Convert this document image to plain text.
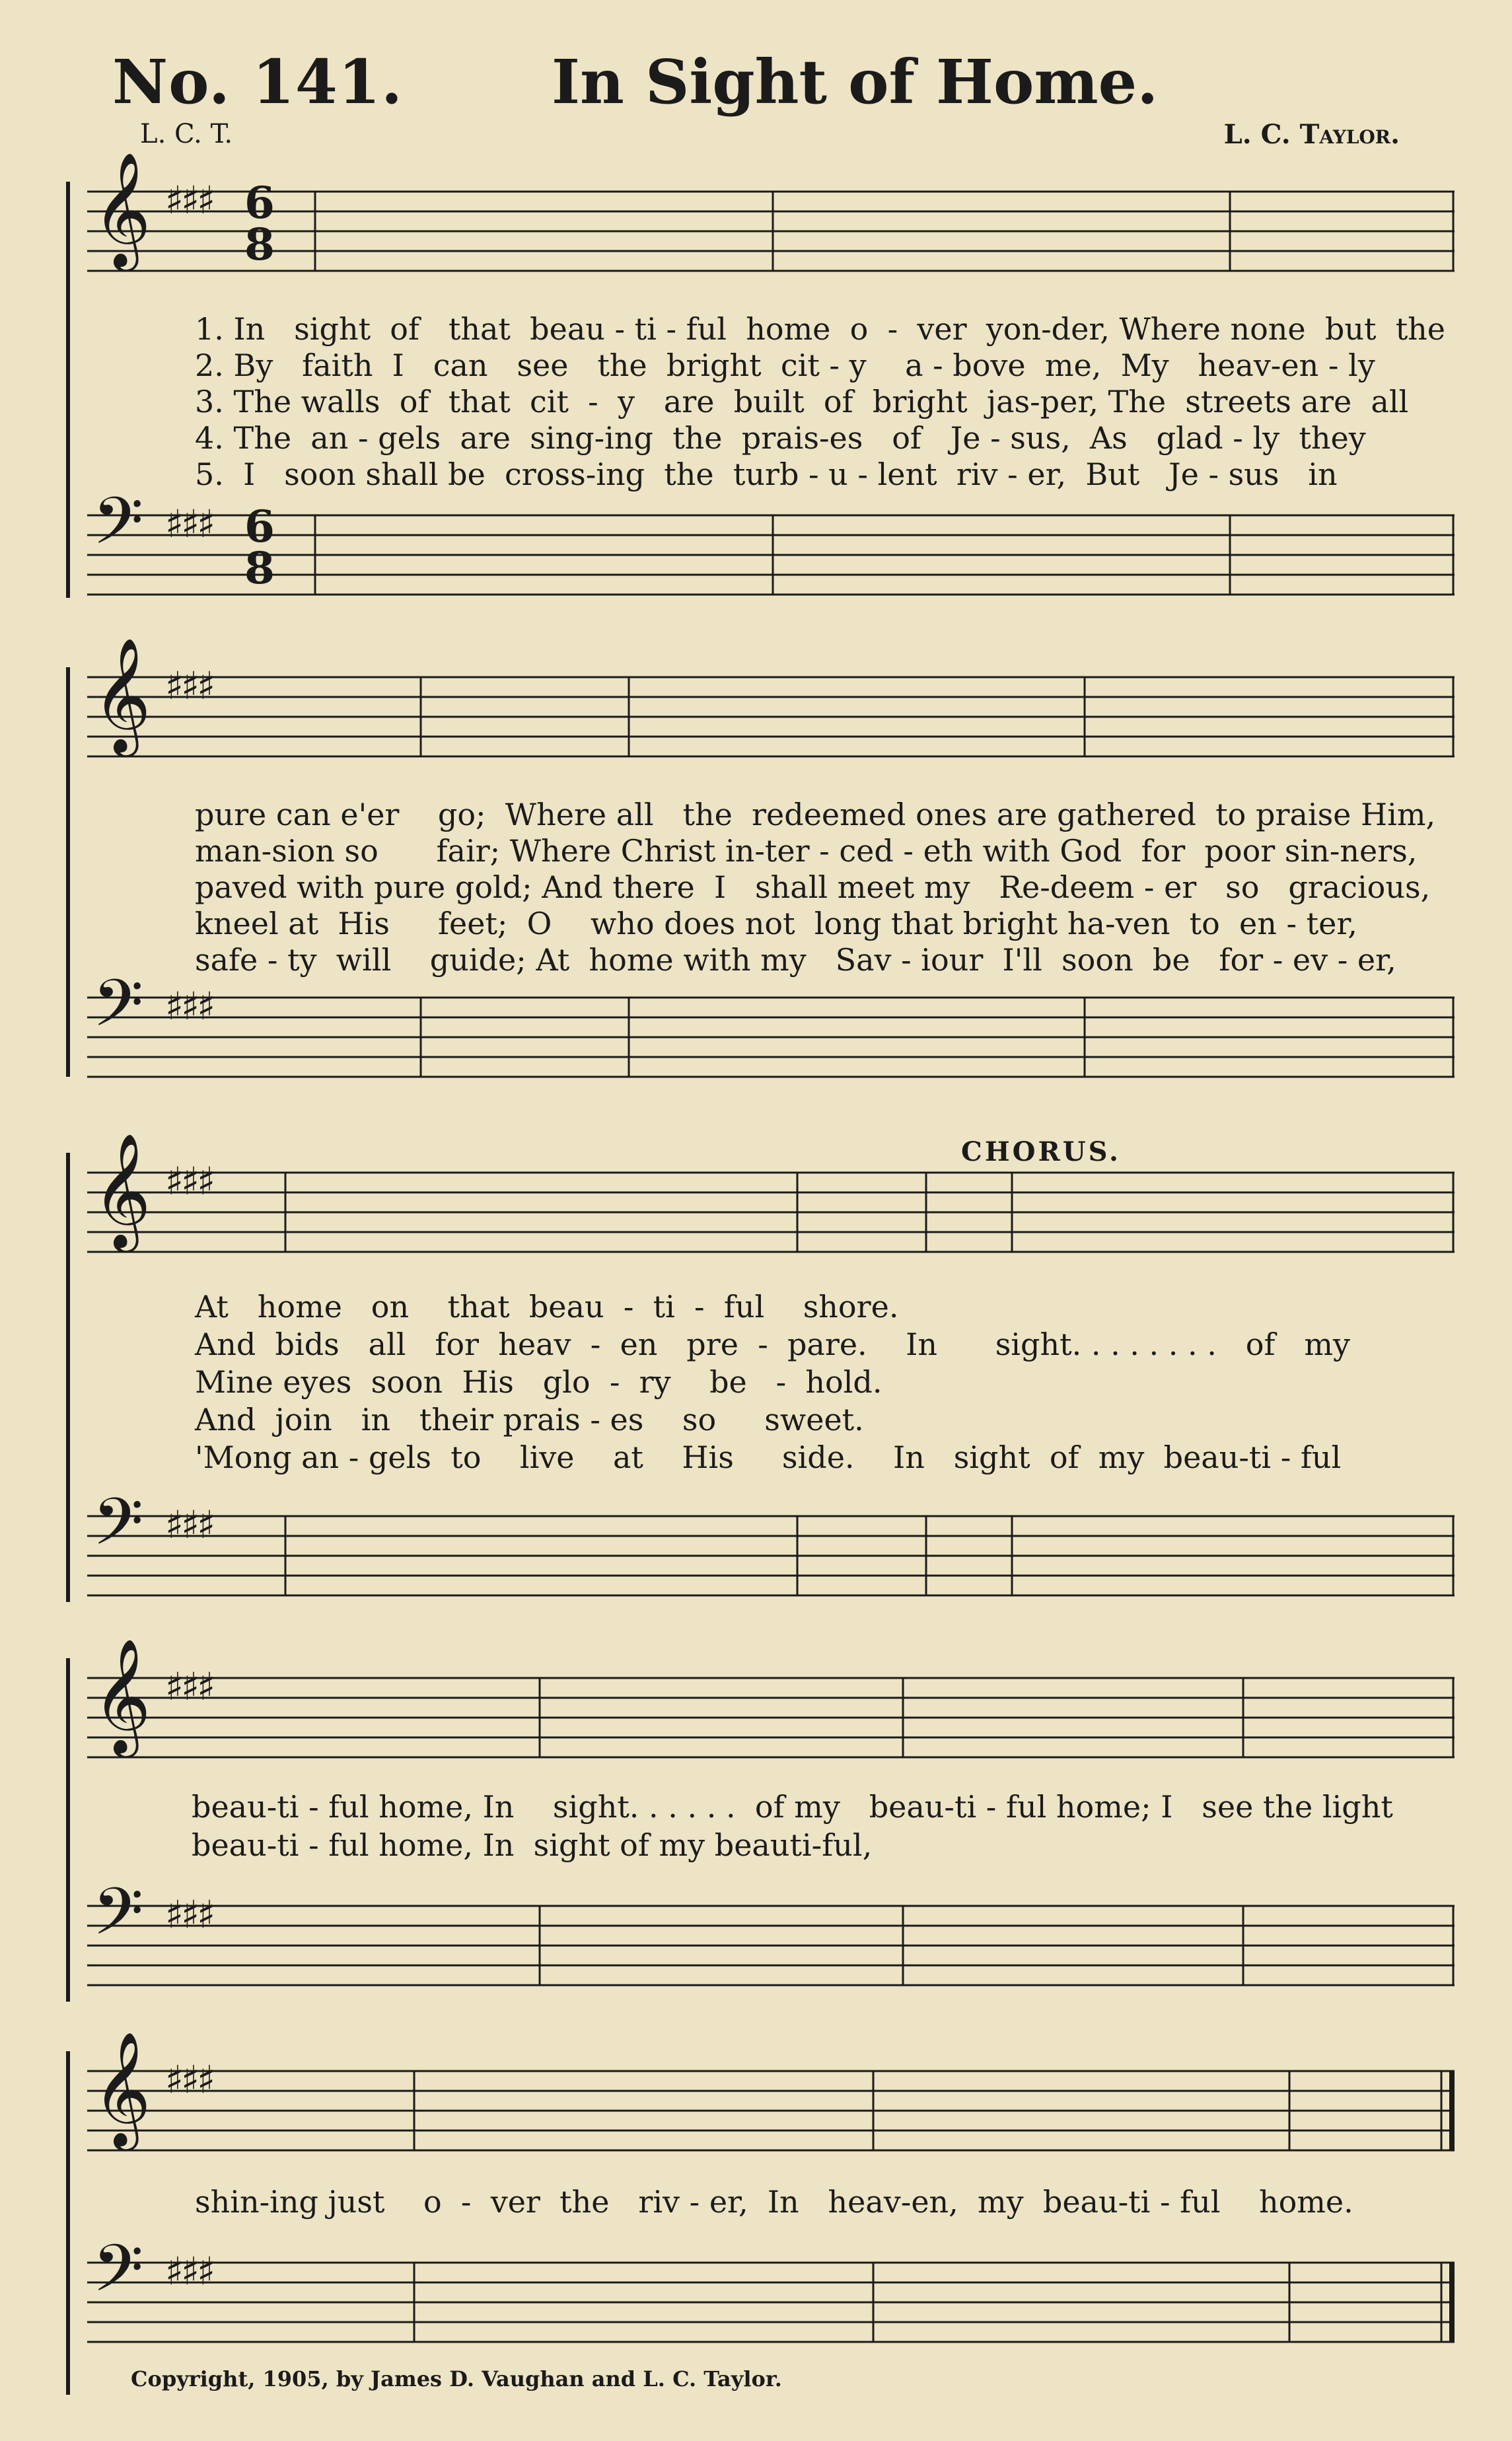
No. 141. In Sight of Home.
L. C. T.	L. C. Taylor.
𝄞 ♯♯♯ 6
8
1. In   sight  of   that  beau - ti - ful  home  o  -  ver  yon-der, Where none  but  the
2. By   faith  I   can   see   the  bright  cit - y    a - bove  me,  My   heav-en - ly
3. The walls  of  that  cit  -  y   are  built  of  bright  jas-per, The  streets are  all
4. The  an - gels  are  sing-ing  the  prais-es   of   Je - sus,  As   glad - ly  they
5.  I   soon shall be  cross-ing  the  turb - u - lent  riv - er,  But   Je - sus   in
𝄢 ♯♯♯ 6
8
𝄞 ♯♯♯
pure can e'er    go;  Where all   the  redeemed ones are gathered  to praise Him,
man-sion so      fair; Where Christ in-ter - ced - eth with God  for  poor sin-ners,
paved with pure gold; And there  I   shall meet my   Re-deem - er   so   gracious,
kneel at  His     feet;  O    who does not  long that bright ha-ven  to  en - ter,
safe - ty  will    guide; At  home with my   Sav - iour  I'll  soon  be   for - ev - er,
𝄢 ♯♯♯
CHORUS.
𝄞 ♯♯♯
At   home   on    that  beau  -  ti  -  ful    shore.
And  bids   all   for  heav  -  en   pre  -  pare.    In      sight. . . . . . . .   of   my
Mine eyes  soon  His   glo  -  ry    be   -  hold.
And  join   in   their prais - es    so     sweet.
'Mong an - gels  to    live    at    His     side.    In   sight  of  my  beau-ti - ful
𝄢 ♯♯♯
𝄞 ♯♯♯
beau-ti - ful home, In    sight. . . . . .  of my   beau-ti - ful home; I   see the light
beau-ti - ful home, In  sight of my beauti-ful,
𝄢 ♯♯♯
𝄞 ♯♯♯
shin-ing just    o  -  ver  the   riv - er,  In   heav-en,  my  beau-ti - ful    home.
𝄢 ♯♯♯
Copyright, 1905, by James D. Vaughan and L. C. Taylor.
